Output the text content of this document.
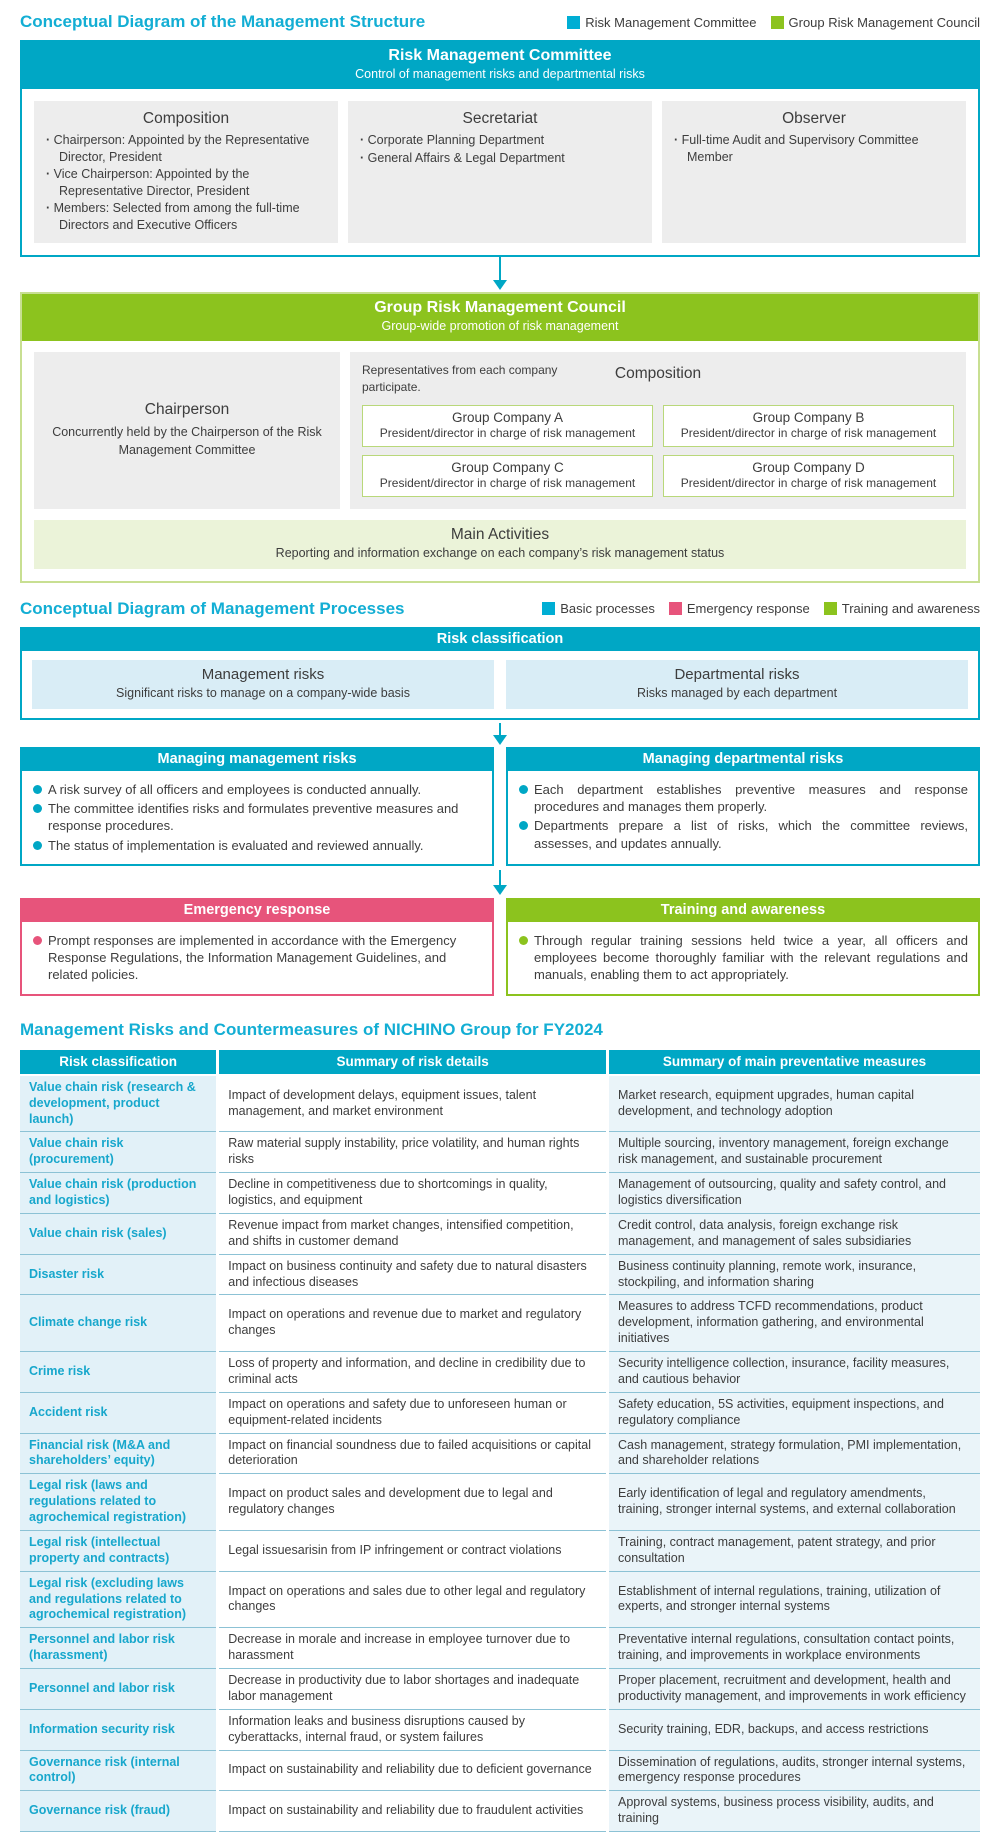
Conceptual Diagram of the Management Structure	Risk Management Committee Group Risk Management Council
Risk Management Committee
Control of management risks and departmental risks
Composition
· Chairperson: Appointed by the Representative Director, President
· Vice Chairperson: Appointed by the Representative Director, President
· Members: Selected from among the full-time Directors and Executive Officers
Secretariat
· Corporate Planning Department
· General Affairs & Legal Department
Observer
· Full-time Audit and Supervisory Committee Member
Group Risk Management Council
Group-wide promotion of risk management
Chairperson
Concurrently held by the Chairperson of the Risk Management Committee
Composition
Representatives from each company participate.
Group Company A
President/director in charge of risk management
Group Company B
President/director in charge of risk management
Group Company C
President/director in charge of risk management
Group Company D
President/director in charge of risk management
Main Activities
Reporting and information exchange on each company’s risk management status
Conceptual Diagram of Management Processes	Basic processes Emergency response Training and awareness
Risk classification
Management risks
Significant risks to manage on a company-wide basis
Departmental risks
Risks managed by each department
Managing management risks
A risk survey of all officers and employees is conducted annually.
The committee identifies risks and formulates preventive measures and response procedures.
The status of implementation is evaluated and reviewed annually.
Managing departmental risks
Each department establishes preventive measures and response procedures and manages them properly.
Departments prepare a list of risks, which the committee reviews, assesses, and updates annually.
Emergency response
Prompt responses are implemented in accordance with the Emergency Response Regulations, the Information Management Guidelines, and related policies.
Training and awareness
Through regular training sessions held twice a year, all officers and employees become thoroughly familiar with the relevant regulations and manuals, enabling them to act appropriately.
Management Risks and Countermeasures of NICHINO Group for FY2024
Risk classification	Summary of risk details	Summary of main preventative measures
Value chain risk (research & development, product launch)	Impact of development delays, equipment issues, talent management, and market environment	Market research, equipment upgrades, human capital development, and technology adoption
Value chain risk (procurement)	Raw material supply instability, price volatility, and human rights risks	Multiple sourcing, inventory management, foreign exchange risk management, and sustainable procurement
Value chain risk (production and logistics)	Decline in competitiveness due to shortcomings in quality, logistics, and equipment	Management of outsourcing, quality and safety control, and logistics diversification
Value chain risk (sales)	Revenue impact from market changes, intensified competition, and shifts in customer demand	Credit control, data analysis, foreign exchange risk management, and management of sales subsidiaries
Disaster risk	Impact on business continuity and safety due to natural disasters and infectious diseases	Business continuity planning, remote work, insurance, stockpiling, and information sharing
Climate change risk	Impact on operations and revenue due to market and regulatory changes	Measures to address TCFD recommendations, product development, information gathering, and environmental initiatives
Crime risk	Loss of property and information, and decline in credibility due to criminal acts	Security intelligence collection, insurance, facility measures, and cautious behavior
Accident risk	Impact on operations and safety due to unforeseen human or equipment-related incidents	Safety education, 5S activities, equipment inspections, and regulatory compliance
Financial risk (M&A and shareholders’ equity)	Impact on financial soundness due to failed acquisitions or capital deterioration	Cash management, strategy formulation, PMI implementation, and shareholder relations
Legal risk (laws and regulations related to agrochemical registration)	Impact on product sales and development due to legal and regulatory changes	Early identification of legal and regulatory amendments, training, stronger internal systems, and external collaboration
Legal risk (intellectual property and contracts)	Legal issuesarisin from IP infringement or contract violations	Training, contract management, patent strategy, and prior consultation
Legal risk (excluding laws and regulations related to agrochemical registration)	Impact on operations and sales due to other legal and regulatory changes	Establishment of internal regulations, training, utilization of experts, and stronger internal systems
Personnel and labor risk (harassment)	Decrease in morale and increase in employee turnover due to harassment	Preventative internal regulations, consultation contact points, training, and improvements in workplace environments
Personnel and labor risk	Decrease in productivity due to labor shortages and inadequate labor management	Proper placement, recruitment and development, health and productivity management, and improvements in work efficiency
Information security risk	Information leaks and business disruptions caused by cyberattacks, internal fraud, or system failures	Security training, EDR, backups, and access restrictions
Governance risk (internal control)	Impact on sustainability and reliability due to deficient governance	Dissemination of regulations, audits, stronger internal systems, emergency response procedures
Governance risk (fraud)	Impact on sustainability and reliability due to fraudulent activities	Approval systems, business process visibility, audits, and training
